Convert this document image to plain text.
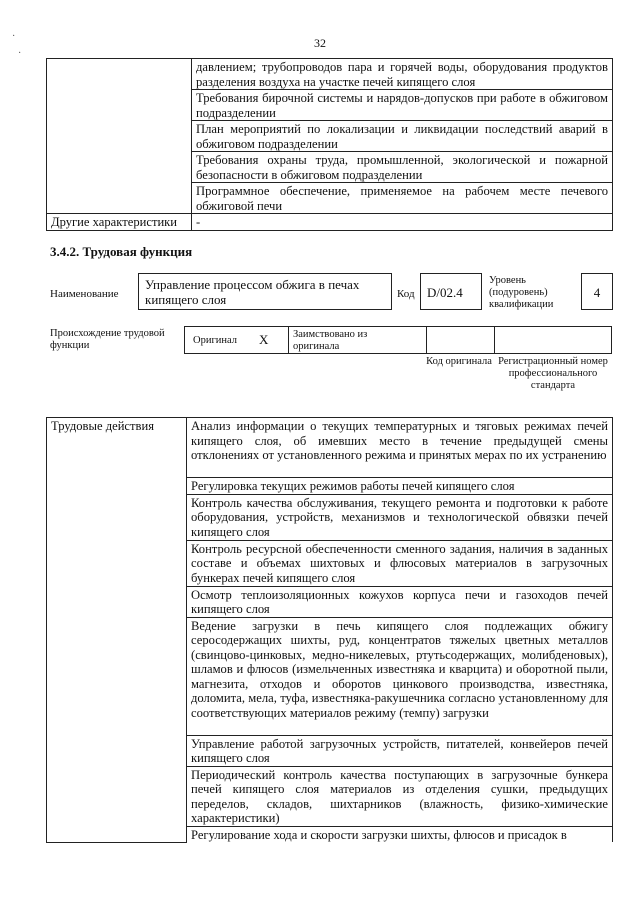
32
·
·
	давлением; трубопроводов пара и горячей воды, оборудования продуктов разделения воздуха на участке печей кипящего слоя
	Требования бирочной системы и нарядов-допусков при работе в обжиговом подразделении
	План мероприятий по локализации и ликвидации последствий аварий в обжиговом подразделении
	Требования охраны труда, промышленной, экологической и пожарной безопасности в обжиговом подразделении
	Программное обеспечение, применяемое на рабочем месте печевого обжиговой печи
Другие характеристики	-
3.4.2. Трудовая функция
Наименование
Управление процессом обжига в печах кипящего слоя	Код D/02.4
Уровень (подуровень) квалификации
4
Происхождение трудовой функции	Оригинал X Заимствовано из оригинала
Код оригинала Регистрационный номер профессионального стандарта
Трудовые действия	Анализ информации о текущих температурных и тяговых режимах печей кипящего слоя, об имевших место в течение предыдущей смены отклонениях от установленного режима и принятых мерах по их устранению
Регулировка текущих режимов работы печей кипящего слоя
Контроль качества обслуживания, текущего ремонта и подготовки к работе оборудования, устройств, механизмов и технологической обвязки печей кипящего слоя
Контроль ресурсной обеспеченности сменного задания, наличия в заданных составе и объемах шихтовых и флюсовых материалов в загрузочных бункерах печей кипящего слоя
Осмотр теплоизоляционных кожухов корпуса печи и газоходов печей кипящего слоя
Ведение загрузки в печь кипящего слоя подлежащих обжигу серосодержащих шихты, руд, концентратов тяжелых цветных металлов (свинцово-цинковых, медно-никелевых, ртутьсодержащих, молибденовых), шламов и флюсов (измельченных известняка и кварцита) и оборотной пыли, магнезита, отходов и оборотов цинкового производства, известняка, доломита, мела, туфа, известняка-ракушечника согласно установленному для соответствующих материалов режиму (темпу) загрузки
Управление работой загрузочных устройств, питателей, конвейеров печей кипящего слоя
Периодический контроль качества поступающих в загрузочные бункера печей кипящего слоя материалов из отделения сушки, предыдущих переделов, складов, шихтарников (влажность, физико-химические характеристики)
Регулирование хода и скорости загрузки шихты, флюсов и присадок в
